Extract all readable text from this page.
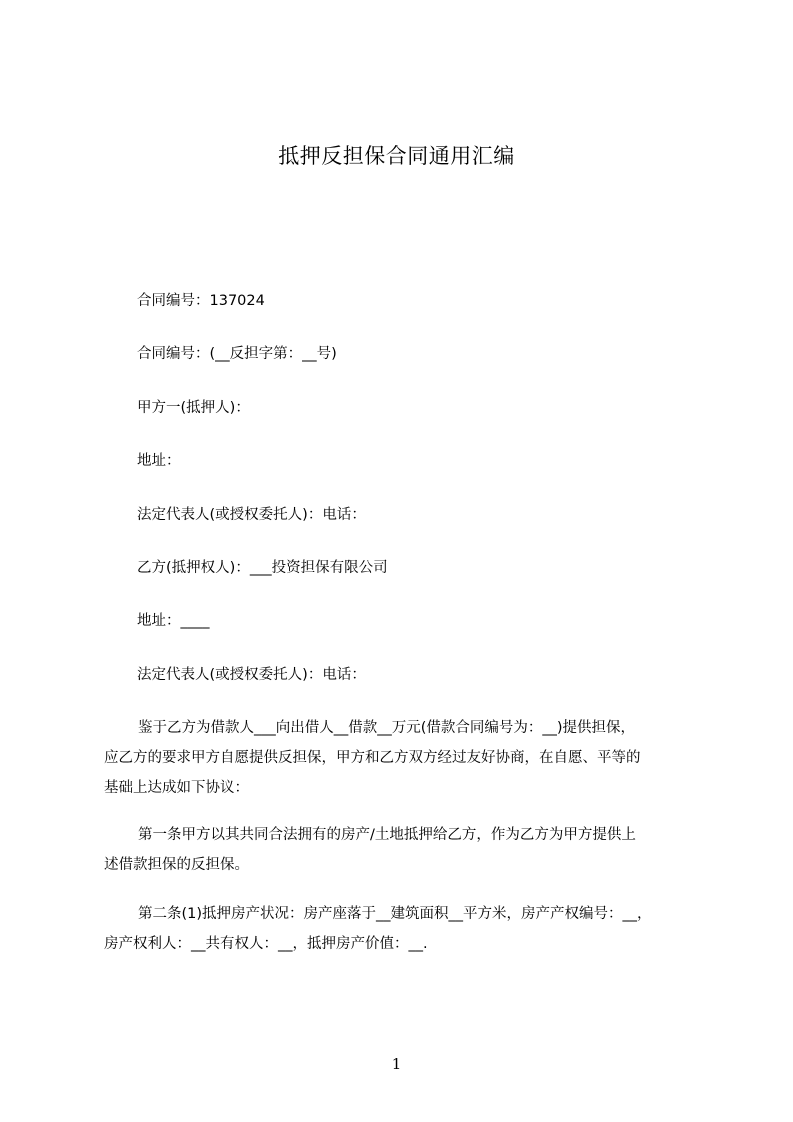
抵押反担保合同通用汇编
合同编号：137024
合同编号：(__反担字第：__号)
甲方一(抵押人)：
地址：
法定代表人(或授权委托人)：电话：
乙方(抵押权人)：___投资担保有限公司
地址：____
法定代表人(或授权委托人)：电话：
鉴于乙方为借款人___向出借人__借款__万元(借款合同编号为：__)提供担保，
应乙方的要求甲方自愿提供反担保，甲方和乙方双方经过友好协商，在自愿、平等的
基础上达成如下协议：
第一条甲方以其共同合法拥有的房产/土地抵押给乙方，作为乙方为甲方提供上
述借款担保的反担保。
第二条(1)抵押房产状况：房产座落于__建筑面积__平方米，房产产权编号：__，
房产权利人：__共有权人：__，抵押房产价值：__.
1
